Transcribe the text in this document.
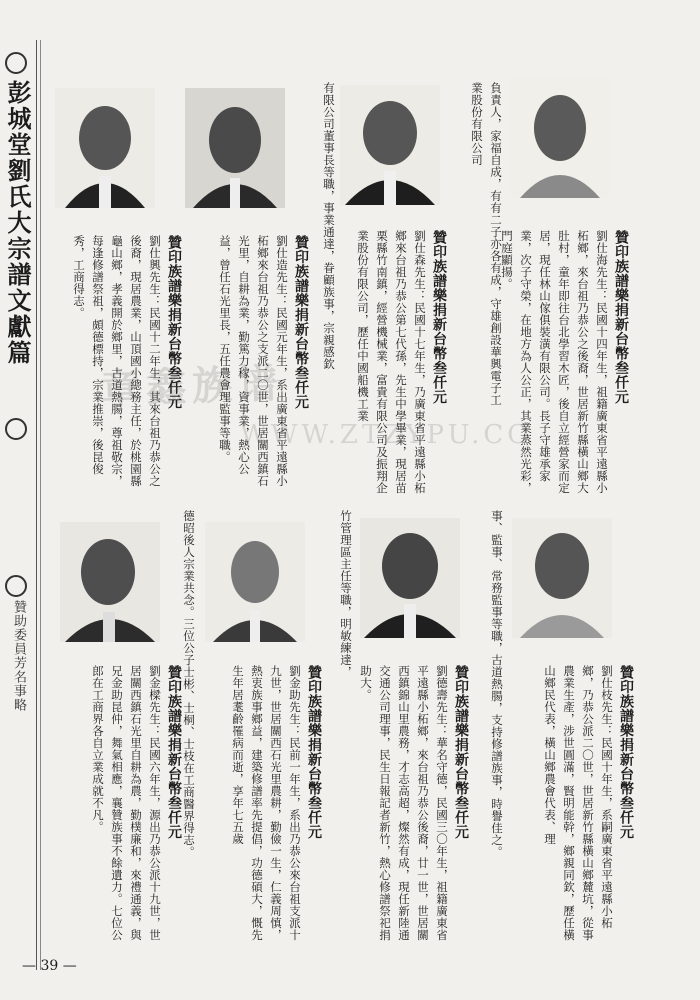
彭城堂劉氏大宗譜文獻篇
贊助委員芳名事略
負責人，家福自成，有有二子亦各有成，守雄創設華興電子工業股份有限公司
有限公司董事長等職，事業通達，眷顧族事，宗親感欽	贊印族譜樂捐新台幣叁仟元
劉仕海先生：民國十四年生，祖籍廣東省平遠縣小柘鄉，來台祖乃恭公之後裔，世居新竹縣橫山鄉大肚村，童年即往台北學習木匠，後自立經營家而定居，現任林山傢俱裝潢有限公司。長子守雄承家業，次子守榮，在地方為人公正，其業蒸然光彩，門庭顯揚。
贊印族譜樂捐新台幣叁仟元
劉仕森先生：民國十七年生，乃廣東省平遠縣小柘鄉來台祖乃恭公第七代孫，先生中學畢業，現居苗栗縣竹南鎮，經營機械業，富貴有限公司及振翔企業股份有限公司，歷任中國船機工業
贊印族譜樂捐新台幣叁仟元
劉仕造先生：民國元年生，系出廣東省平遠縣小柘鄉來台祖乃恭公之支派二〇世，世居關西鎮石光里，自耕為業，勤篤力稼，資事業，熱心公益，曾任石光里長，五任農會理監事等職。
贊印族譜樂捐新台幣叁仟元
劉仕興先生：民國十二年生，其來台祖乃恭公之後裔，現居農業，山頂國小總務主任，於桃園縣龜山鄉，孝義開於鄉里，古道熱腸，尊祖敬宗，每逢修譜祭祖，頗德標持，宗業推崇，後昆俊秀，工商得志。
事、監事、常務監事等職，古道熱腸，支持修譜族事，時譽佳之。
竹管理區主任等職，明敏練達，
德昭後人宗業共念。三位公子士彬、士桐、士枝在工商醫界得志。	贊印族譜樂捐新台幣叁仟元
劉仕枝先生：民國十年生，系嗣廣東省平遠縣小柘鄉，乃恭公派二〇世，世居新竹縣橫山鄉麓坑，從事農業生產，涉世圓滿，賢明能幹，鄉親同欽，歷任橫山鄉民代表，橫山鄉農會代表、理
贊印族譜樂捐新台幣叁仟元
劉德壽先生：華名守德，民國三〇年生，祖籍廣東省平遠縣小柘鄉，來台祖乃恭公後裔，廿一世，世居關西鎮錦山里農務，才志高超，燦然有成，現任新陸通交通公司理事，民生日報記者新竹，熱心修譜祭祀捐助大。
贊印族譜樂捐新台幣叁仟元
劉金助先生：民前一年生，系出乃恭公來台祖支派十九世，世居關西石光里農耕，勤儉一生，仁義周慎，熱衷族事鄉益，建築修譜率先提倡，功德碩大，慨先生年居耄齡罹病而逝，享年七五歲
贊印族譜樂捐新台幣叁仟元
劉金樑先生：民國六年生，源出乃恭公派十九世，世居關西鎮石光里自耕為農，勤樸廉和，來禮通義，與兄金助昆仲，舞氣相應，襄贊族事不餘遺力。七位公郎在工商界各自立業成就不凡。
章鑫族谱
WWW.ZTZYPU.CO
— 39 —
